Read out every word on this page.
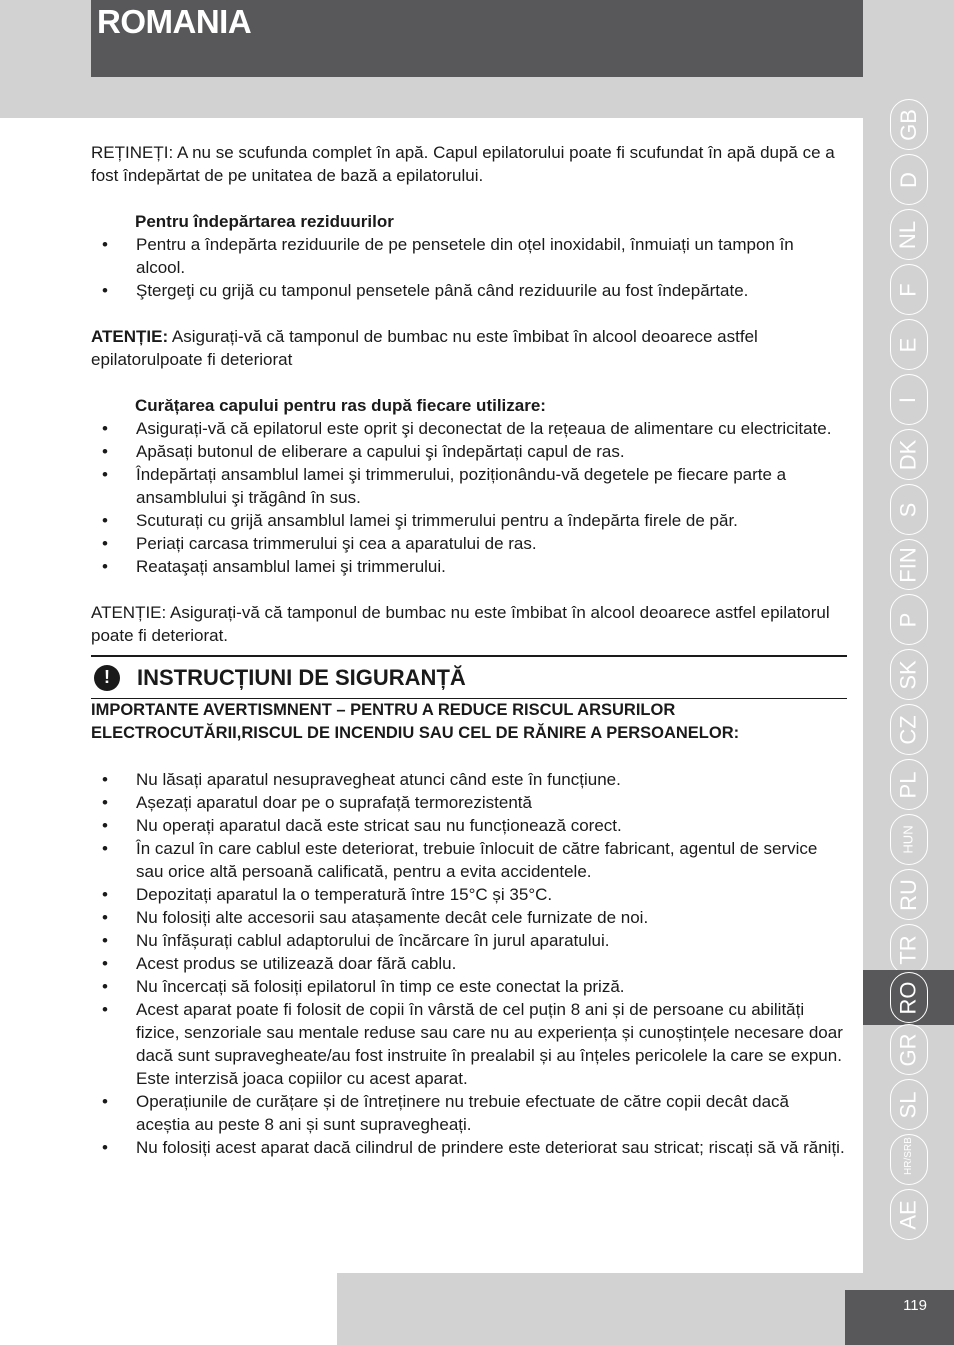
ROMANIA

REȚINEȚI: A nu se scufunda complet în apă. Capul epilatorului poate fi scufundat în apă după ce a fost îndepărtat de pe unitatea de bază a epilatorului.

Pentru îndepărtarea reziduurilor

• Pentru a îndepărta reziduurile de pe pensetele din oțel inoxidabil, înmuiați un tampon în alcool.
• Ştergeţi cu grijă cu tamponul pensetele până când reziduurile au fost îndepărtate.

ATENȚIE: Asigurați-vă că tamponul de bumbac nu este îmbibat în alcool deoarece astfel epilatorulpoate fi deteriorat

Curățarea capului pentru ras după fiecare utilizare:

• Asigurați-vă că epilatorul este oprit şi deconectat de la rețeaua de alimentare cu electricitate.
• Apăsați butonul de eliberare a capului şi îndepărtați capul de ras.
• Îndepărtați ansamblul lamei şi trimmerului, poziționându-vă degetele pe fiecare parte a ansamblului şi trăgând în sus.
• Scuturați cu grijă ansamblul lamei şi trimmerului pentru a îndepărta firele de păr.
• Periați carcasa trimmerului şi cea a aparatului de ras.
• Reataşați ansamblul lamei şi trimmerului.

ATENȚIE: Asigurați-vă că tamponul de bumbac nu este îmbibat în alcool deoarece astfel epilatorul poate fi deteriorat.

!	INSTRUCȚIUNI DE SIGURANȚĂ

IMPORTANTE AVERTISMNENT – PENTRU A REDUCE RISCUL ARSURILOR ELECTROCUTĂRII,RISCUL DE INCENDIU SAU CEL DE RĂNIRE A PERSOANELOR:

• Nu lăsați aparatul nesupravegheat atunci când este în funcțiune.
• Așezați aparatul doar pe o suprafață termorezistentă
• Nu operați aparatul dacă este stricat sau nu funcționează corect.
• În cazul în care cablul este deteriorat, trebuie înlocuit de către fabricant, agentul de service sau orice altă persoană calificată, pentru a evita accidentele.
• Depozitați aparatul la o temperatură între 15°C și 35°C.
• Nu folosiți alte accesorii sau atașamente decât cele furnizate de noi.
• Nu înfășurați cablul adaptorului de încărcare în jurul aparatului.
• Acest produs se utilizează doar fără cablu.
• Nu încercați să folosiți epilatorul în timp ce este conectat la priză.
• Acest aparat poate fi folosit de copii în vârstă de cel puțin 8 ani și de persoane cu abilități fizice, senzoriale sau mentale reduse sau care nu au experiența și cunoștințele necesare doar dacă sunt supravegheate/au fost instruite în prealabil și au înțeles pericolele la care se expun. Este interzisă joaca copiilor cu acest aparat.
• Operațiunile de curățare și de întreținere nu trebuie efectuate de către copii decât dacă aceștia au peste 8 ani și sunt supravegheați.
• Nu folosiți acest aparat dacă cilindrul de prindere este deteriorat sau stricat; riscați să vă răniți.
GB
D
NL
F
E
I
DK
S
FIN
P
SK
CZ
PL
HUN
RU
TR
RO
GR
SL
HR/SRB
AE
119
